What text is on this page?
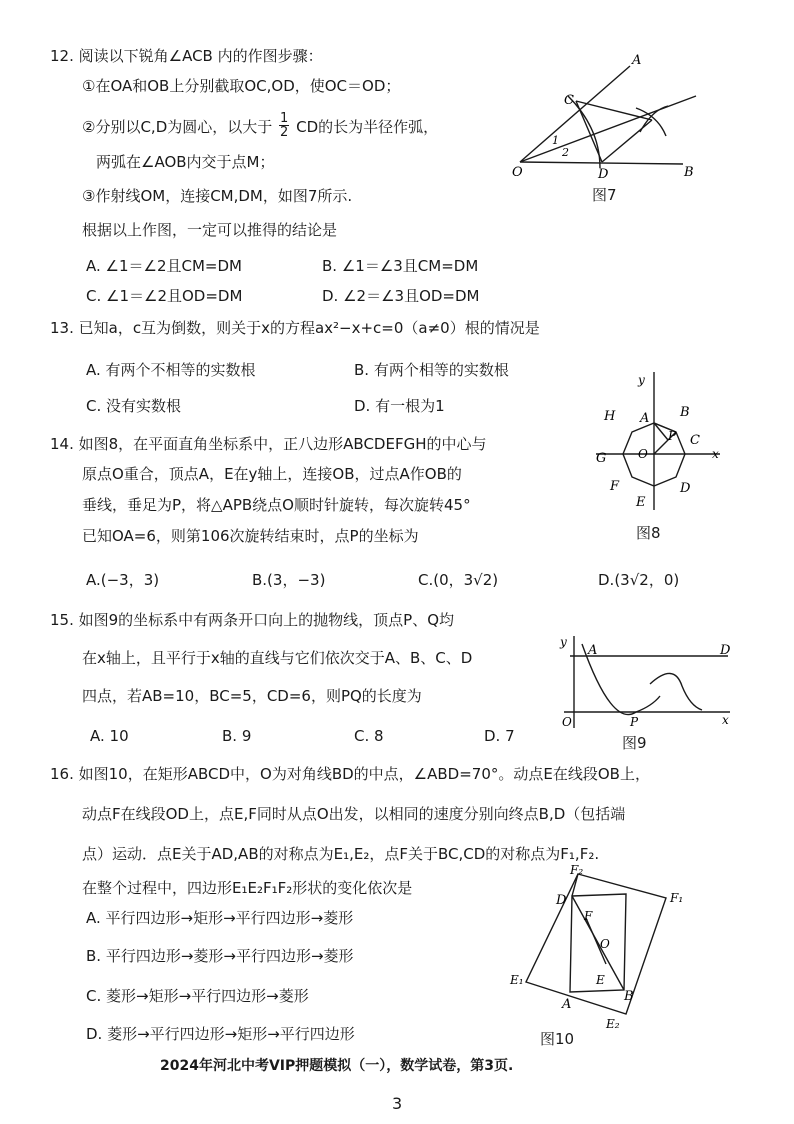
12. 阅读以下锐角∠ACB 内的作图步骤：
①在OA和OB上分别截取OC,OD，使OC＝OD；
②分别以C,D为圆心，以大于 $\frac{1}{2}$ CD的长为半径作弧，
两弧在∠AOB内交于点M；
③作射线OM，连接CM,DM，如图7所示.
根据以上作图，一定可以推得的结论是
A. ∠1＝∠2且CM=DM	B. ∠1＝∠3且CM=DM
C. ∠1＝∠2且OD=DM	D. ∠2＝∠3且OD=DM
A
C
1
2
O	D	B
图7
13. 已知a，c互为倒数，则关于x的方程ax²−x+c=0（a≠0）根的情况是
A. 有两个不相等的实数根	B. 有两个相等的实数根
C. 没有实数根	D. 有一根为1
14. 如图8，在平面直角坐标系中，正八边形ABCDEFGH的中心与
原点O重合，顶点A，E在y轴上，连接OB，过点A作OB的
垂线，垂足为P，将△APB绕点O顺时针旋转，每次旋转45°
已知OA=6，则第106次旋转结束时，点P的坐标为
A.(−3，3)	B.(3，−3)	C.(0，3√2)	D.(3√2，0)
y
A B
H
P C
x
G	O
F	D
E
图8
15. 如图9的坐标系中有两条开口向上的抛物线，顶点P、Q均
在x轴上，且平行于x轴的直线与它们依次交于A、B、C、D
四点，若AB=10，BC=5，CD=6，则PQ的长度为
A. 10	B. 9	C. 8	D. 7
y
A	D
O	P	x
图9
16. 如图10，在矩形ABCD中，O为对角线BD的中点，∠ABD=70°。动点E在线段OB上，
动点F在线段OD上，点E,F同时从点O出发，以相同的速度分别向终点B,D（包括端
点）运动．点E关于AD,AB的对称点为E₁,E₂，点F关于BC,CD的对称点为F₁,F₂.
在整个过程中，四边形E₁E₂F₁F₂形状的变化依次是
A. 平行四边形→矩形→平行四边形→菱形
B. 平行四边形→菱形→平行四边形→菱形
C. 菱形→矩形→平行四边形→菱形
D. 菱形→平行四边形→矩形→平行四边形
F₂
D
F
F₁
O
E₁	E
A
B
E₂
图10
2024年河北中考VIP押题模拟（一），数学试卷，第3页.
3
